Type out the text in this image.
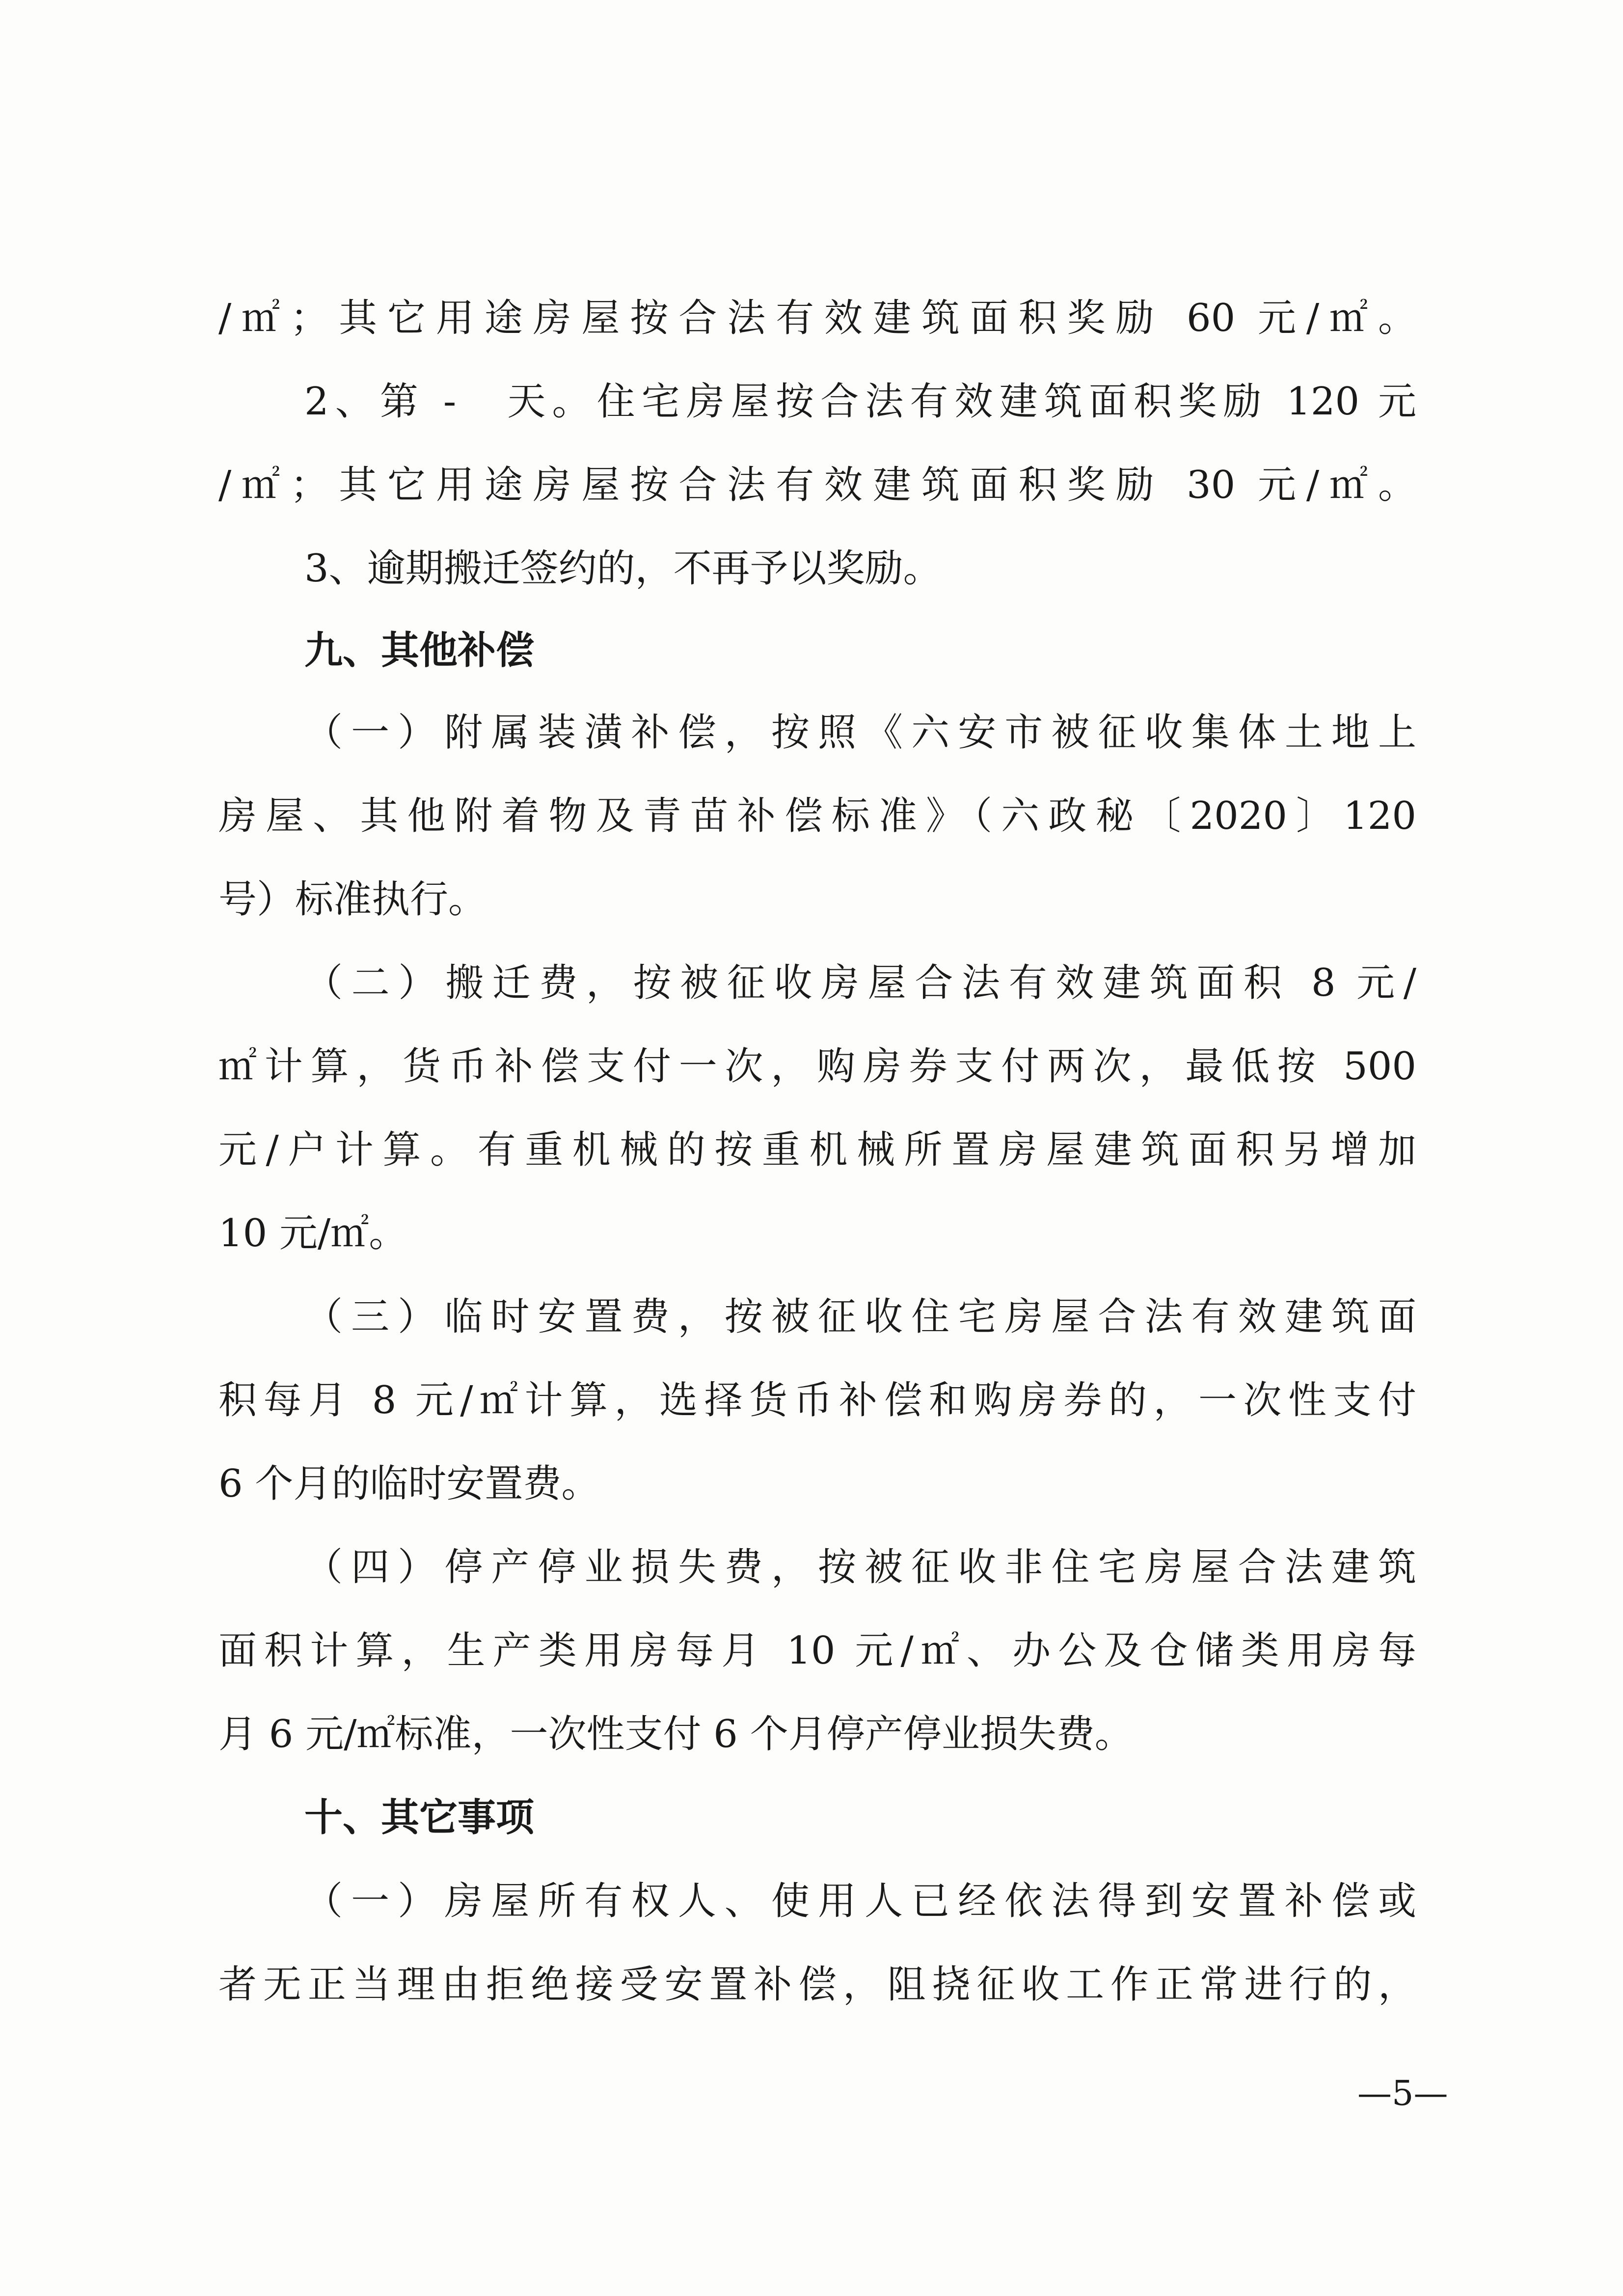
/㎡；其它用途房屋按合法有效建筑面积奖励 60 元/㎡。
2、第 -　天。住宅房屋按合法有效建筑面积奖励 120 元
/㎡；其它用途房屋按合法有效建筑面积奖励 30 元/㎡。
3、逾期搬迁签约的，不再予以奖励。
九、其他补偿
（一）附属装潢补偿，按照《六安市被征收集体土地上
房屋、其他附着物及青苗补偿标准》（六政秘〔2020〕120
号）标准执行。
（二）搬迁费，按被征收房屋合法有效建筑面积 8 元/
㎡计算，货币补偿支付一次，购房券支付两次，最低按 500
元/户计算。有重机械的按重机械所置房屋建筑面积另增加
10 元/㎡。
（三）临时安置费，按被征收住宅房屋合法有效建筑面
积每月 8 元/㎡计算，选择货币补偿和购房券的，一次性支付
6 个月的临时安置费。
（四）停产停业损失费，按被征收非住宅房屋合法建筑
面积计算，生产类用房每月 10 元/㎡、办公及仓储类用房每
月 6 元/㎡标准，一次性支付 6 个月停产停业损失费。
十、其它事项
（一）房屋所有权人、使用人已经依法得到安置补偿或
者无正当理由拒绝接受安置补偿，阻挠征收工作正常进行的，
—5—
